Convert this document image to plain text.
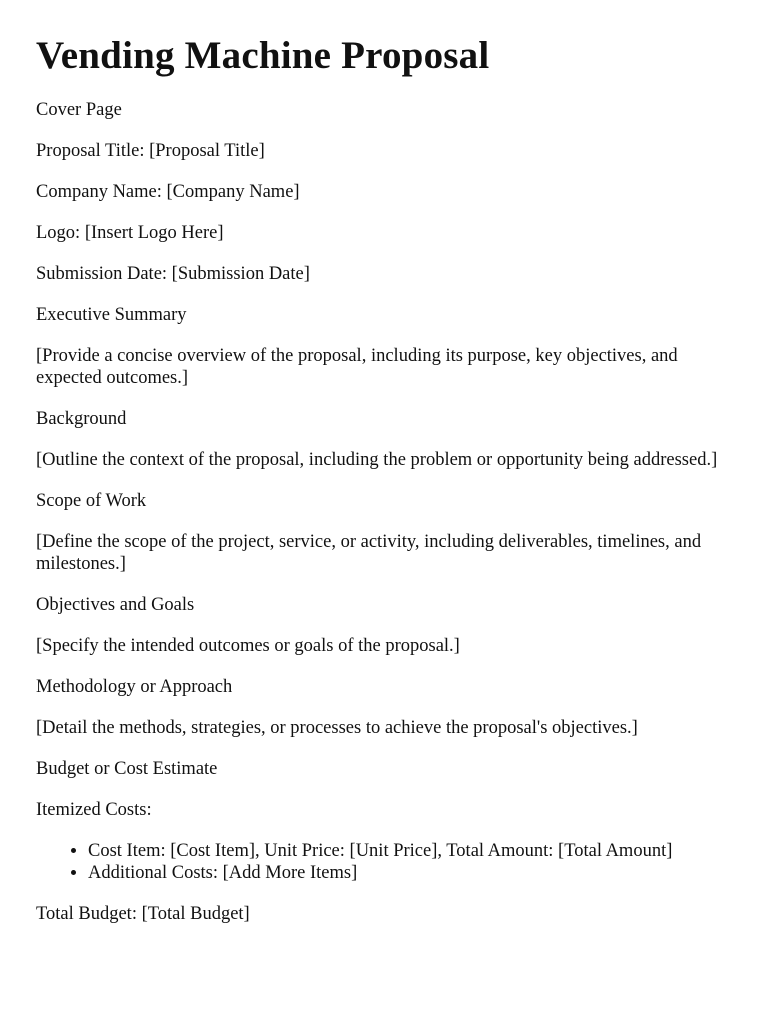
Vending Machine Proposal

Cover Page

Proposal Title: [Proposal Title]

Company Name: [Company Name]

Logo: [Insert Logo Here]

Submission Date: [Submission Date]

Executive Summary

[Provide a concise overview of the proposal, including its purpose, key objectives, and expected outcomes.]

Background

[Outline the context of the proposal, including the problem or opportunity being addressed.]

Scope of Work

[Define the scope of the project, service, or activity, including deliverables, timelines, and milestones.]

Objectives and Goals

[Specify the intended outcomes or goals of the proposal.]

Methodology or Approach

[Detail the methods, strategies, or processes to achieve the proposal's objectives.]

Budget or Cost Estimate

Itemized Costs:

• Cost Item: [Cost Item], Unit Price: [Unit Price], Total Amount: [Total Amount]
• Additional Costs: [Add More Items]

Total Budget: [Total Budget]
